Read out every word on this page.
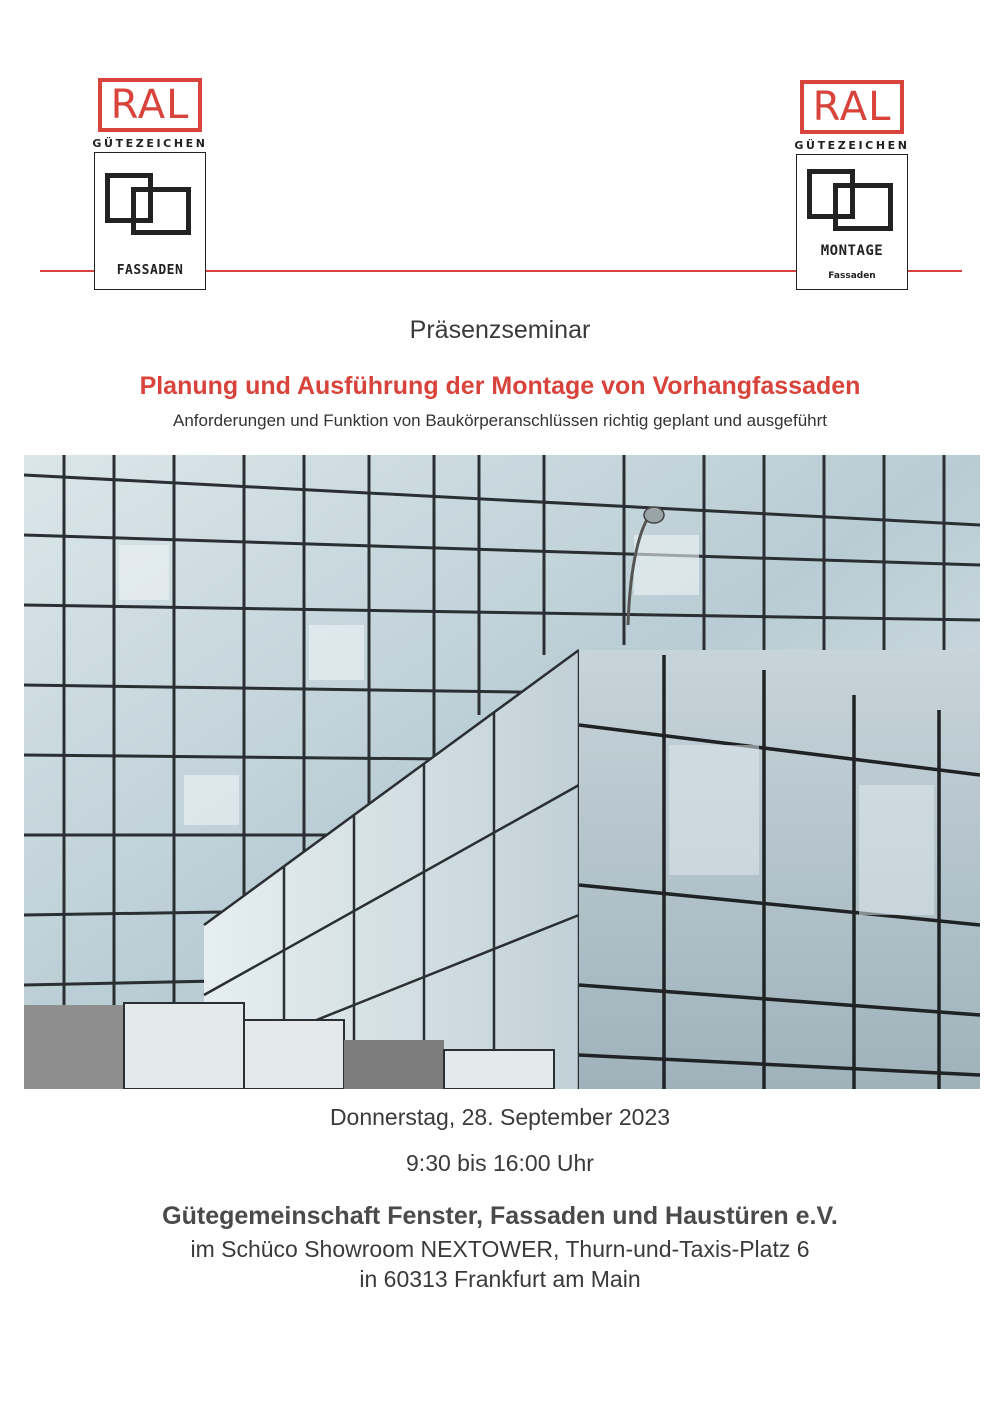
RAL
GÜTEZEICHEN
FASSADEN
RAL
GÜTEZEICHEN
MONTAGE
Fassaden
Präsenzseminar
Planung und Ausführung der Montage von Vorhangfassaden
Anforderungen und Funktion von Baukörperanschlüssen richtig geplant und ausgeführt
Donnerstag, 28. September 2023
9:30 bis 16:00 Uhr
Gütegemeinschaft Fenster, Fassaden und Haustüren e.V.
im Schüco Showroom NEXTOWER, Thurn-und-Taxis-Platz 6
in 60313 Frankfurt am Main
